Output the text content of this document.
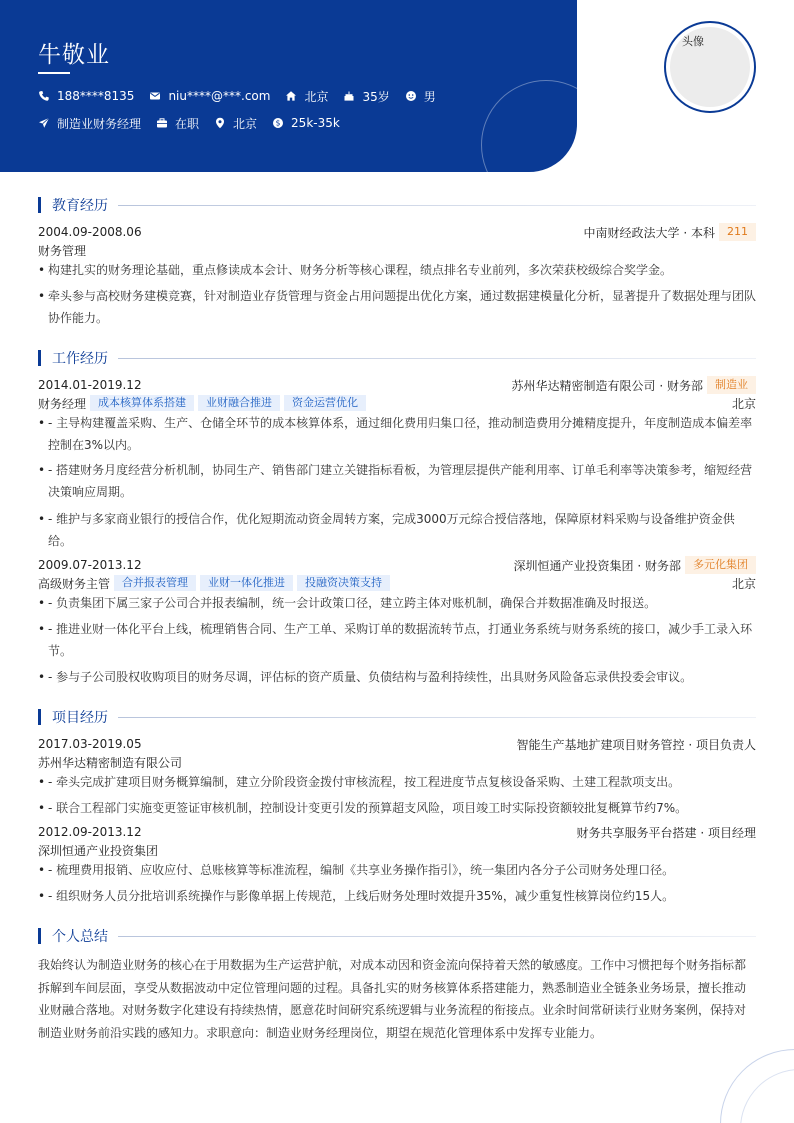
牛敬业
188****8135	niu****@***.com	北京	35岁	男
制造业财务经理	在职	北京 $ 25k-35k
头像
教育经历
2004.09-2008.06	中南财经政法大学 · 本科	211
财务管理
• 构建扎实的财务理论基础，重点修读成本会计、财务分析等核心课程，绩点排名专业前列，多次荣获校级综合奖学金。
• 牵头参与高校财务建模竞赛，针对制造业存货管理与资金占用问题提出优化方案，通过数据建模量化分析，显著提升了数据处理与团队协作能力。
工作经历
2014.01-2019.12	苏州华达精密制造有限公司 · 财务部	制造业
财务经理	成本核算体系搭建	业财融合推进	资金运营优化	北京
• - 主导构建覆盖采购、生产、仓储全环节的成本核算体系，通过细化费用归集口径，推动制造费用分摊精度提升，年度制造成本偏差率控制在3%以内。
• - 搭建财务月度经营分析机制，协同生产、销售部门建立关键指标看板，为管理层提供产能利用率、订单毛利率等决策参考，缩短经营决策响应周期。
• - 维护与多家商业银行的授信合作，优化短期流动资金周转方案，完成3000万元综合授信落地，保障原材料采购与设备维护资金供给。
2009.07-2013.12	深圳恒通产业投资集团 · 财务部	多元化集团
高级财务主管	合并报表管理	业财一体化推进	投融资决策支持	北京
• - 负责集团下属三家子公司合并报表编制，统一会计政策口径，建立跨主体对账机制，确保合并数据准确及时报送。
• - 推进业财一体化平台上线，梳理销售合同、生产工单、采购订单的数据流转节点，打通业务系统与财务系统的接口，减少手工录入环节。
• - 参与子公司股权收购项目的财务尽调，评估标的资产质量、负债结构与盈利持续性，出具财务风险备忘录供投委会审议。
项目经历
2017.03-2019.05	智能生产基地扩建项目财务管控 · 项目负责人
苏州华达精密制造有限公司
• - 牵头完成扩建项目财务概算编制，建立分阶段资金拨付审核流程，按工程进度节点复核设备采购、土建工程款项支出。
• - 联合工程部门实施变更签证审核机制，控制设计变更引发的预算超支风险，项目竣工时实际投资额较批复概算节约7%。
2012.09-2013.12	财务共享服务平台搭建 · 项目经理
深圳恒通产业投资集团
• - 梳理费用报销、应收应付、总账核算等标准流程，编制《共享业务操作指引》，统一集团内各分子公司财务处理口径。
• - 组织财务人员分批培训系统操作与影像单据上传规范，上线后财务处理时效提升35%，减少重复性核算岗位约15人。
个人总结
我始终认为制造业财务的核心在于用数据为生产运营护航，对成本动因和资金流向保持着天然的敏感度。工作中习惯把每个财务指标都拆解到车间层面，享受从数据波动中定位管理问题的过程。具备扎实的财务核算体系搭建能力，熟悉制造业全链条业务场景，擅长推动业财融合落地。对财务数字化建设有持续热情，愿意花时间研究系统逻辑与业务流程的衔接点。业余时间常研读行业财务案例，保持对制造业财务前沿实践的感知力。求职意向：制造业财务经理岗位，期望在规范化管理体系中发挥专业能力。
